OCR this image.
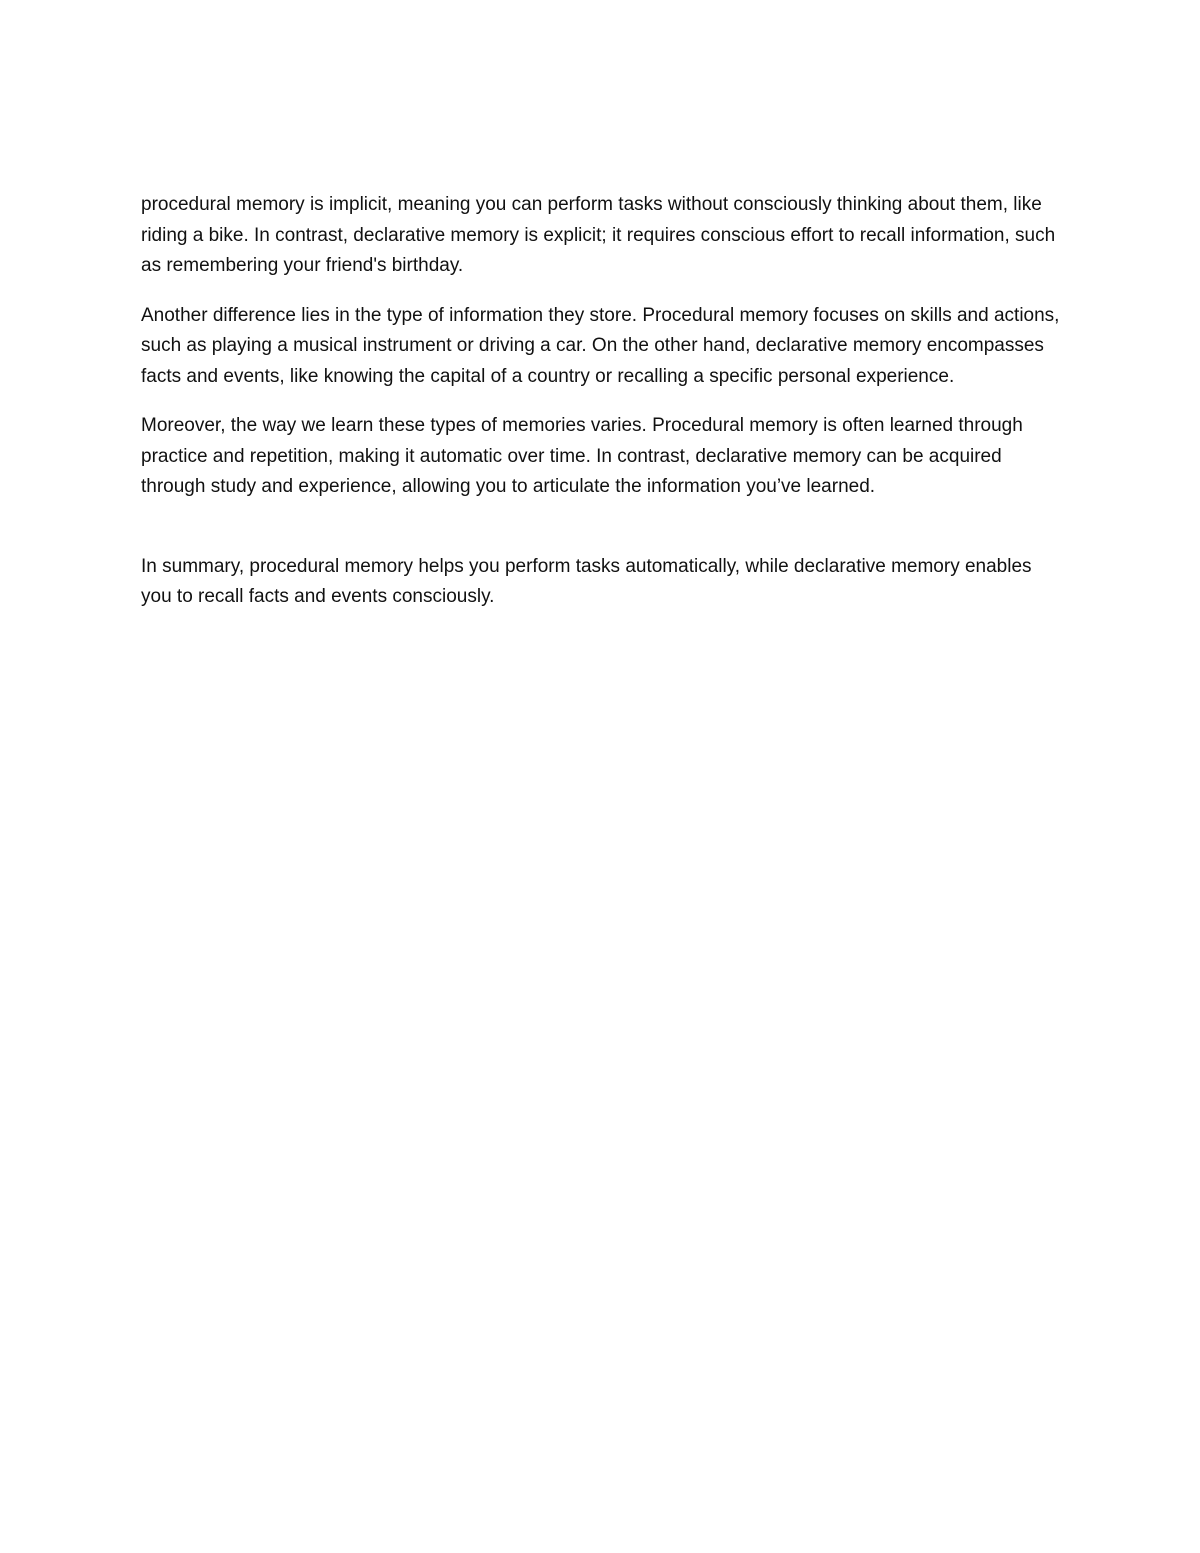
procedural memory is implicit, meaning you can perform tasks without consciously thinking about them, like riding a bike. In contrast, declarative memory is explicit; it requires conscious effort to recall information, such as remembering your friend's birthday.

Another difference lies in the type of information they store. Procedural memory focuses on skills and actions, such as playing a musical instrument or driving a car. On the other hand, declarative memory encompasses facts and events, like knowing the capital of a country or recalling a specific personal experience.

Moreover, the way we learn these types of memories varies. Procedural memory is often learned through practice and repetition, making it automatic over time. In contrast, declarative memory can be acquired through study and experience, allowing you to articulate the information you’ve learned.

In summary, procedural memory helps you perform tasks automatically, while declarative memory enables you to recall facts and events consciously.
